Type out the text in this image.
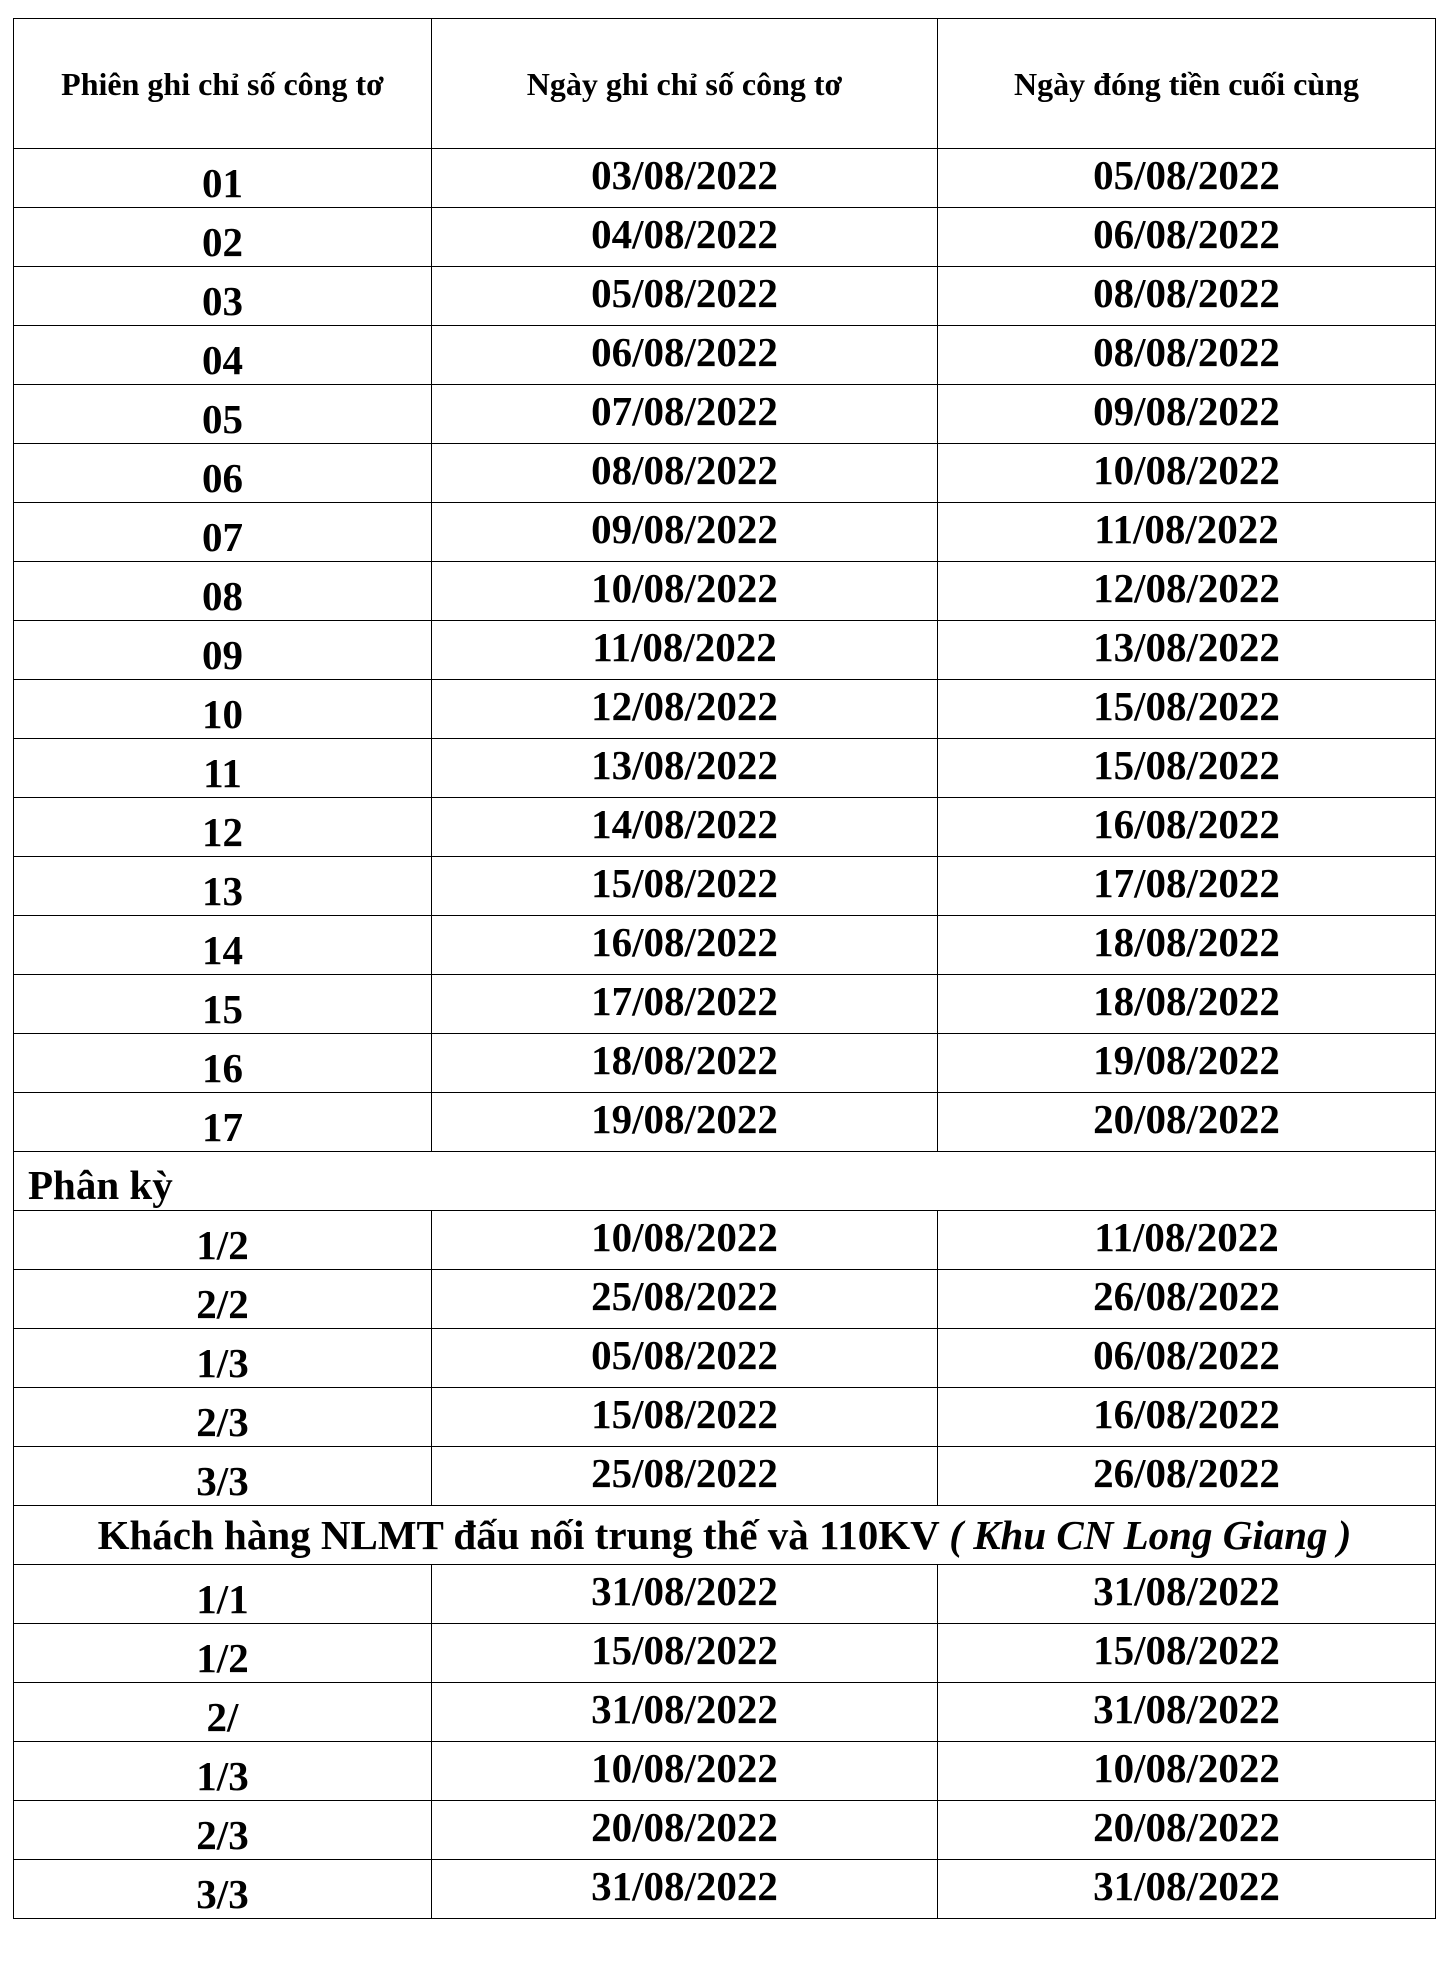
Phiên ghi chỉ số công tơ	Ngày ghi chỉ số công tơ	Ngày đóng tiền cuối cùng
01	03/08/2022	05/08/2022
02	04/08/2022	06/08/2022
03	05/08/2022	08/08/2022
04	06/08/2022	08/08/2022
05	07/08/2022	09/08/2022
06	08/08/2022	10/08/2022
07	09/08/2022	11/08/2022
08	10/08/2022	12/08/2022
09	11/08/2022	13/08/2022
10	12/08/2022	15/08/2022
11	13/08/2022	15/08/2022
12	14/08/2022	16/08/2022
13	15/08/2022	17/08/2022
14	16/08/2022	18/08/2022
15	17/08/2022	18/08/2022
16	18/08/2022	19/08/2022
17	19/08/2022	20/08/2022
Phân kỳ		
1/2	10/08/2022	11/08/2022
2/2	25/08/2022	26/08/2022
1/3	05/08/2022	06/08/2022
2/3	15/08/2022	16/08/2022
3/3	25/08/2022	26/08/2022
Khách hàng NLMT đấu nối trung thế và 110KV ( Khu CN Long Giang )		
1/1	31/08/2022	31/08/2022
1/2	15/08/2022	15/08/2022
2/	31/08/2022	31/08/2022
1/3	10/08/2022	10/08/2022
2/3	20/08/2022	20/08/2022
3/3	31/08/2022	31/08/2022
